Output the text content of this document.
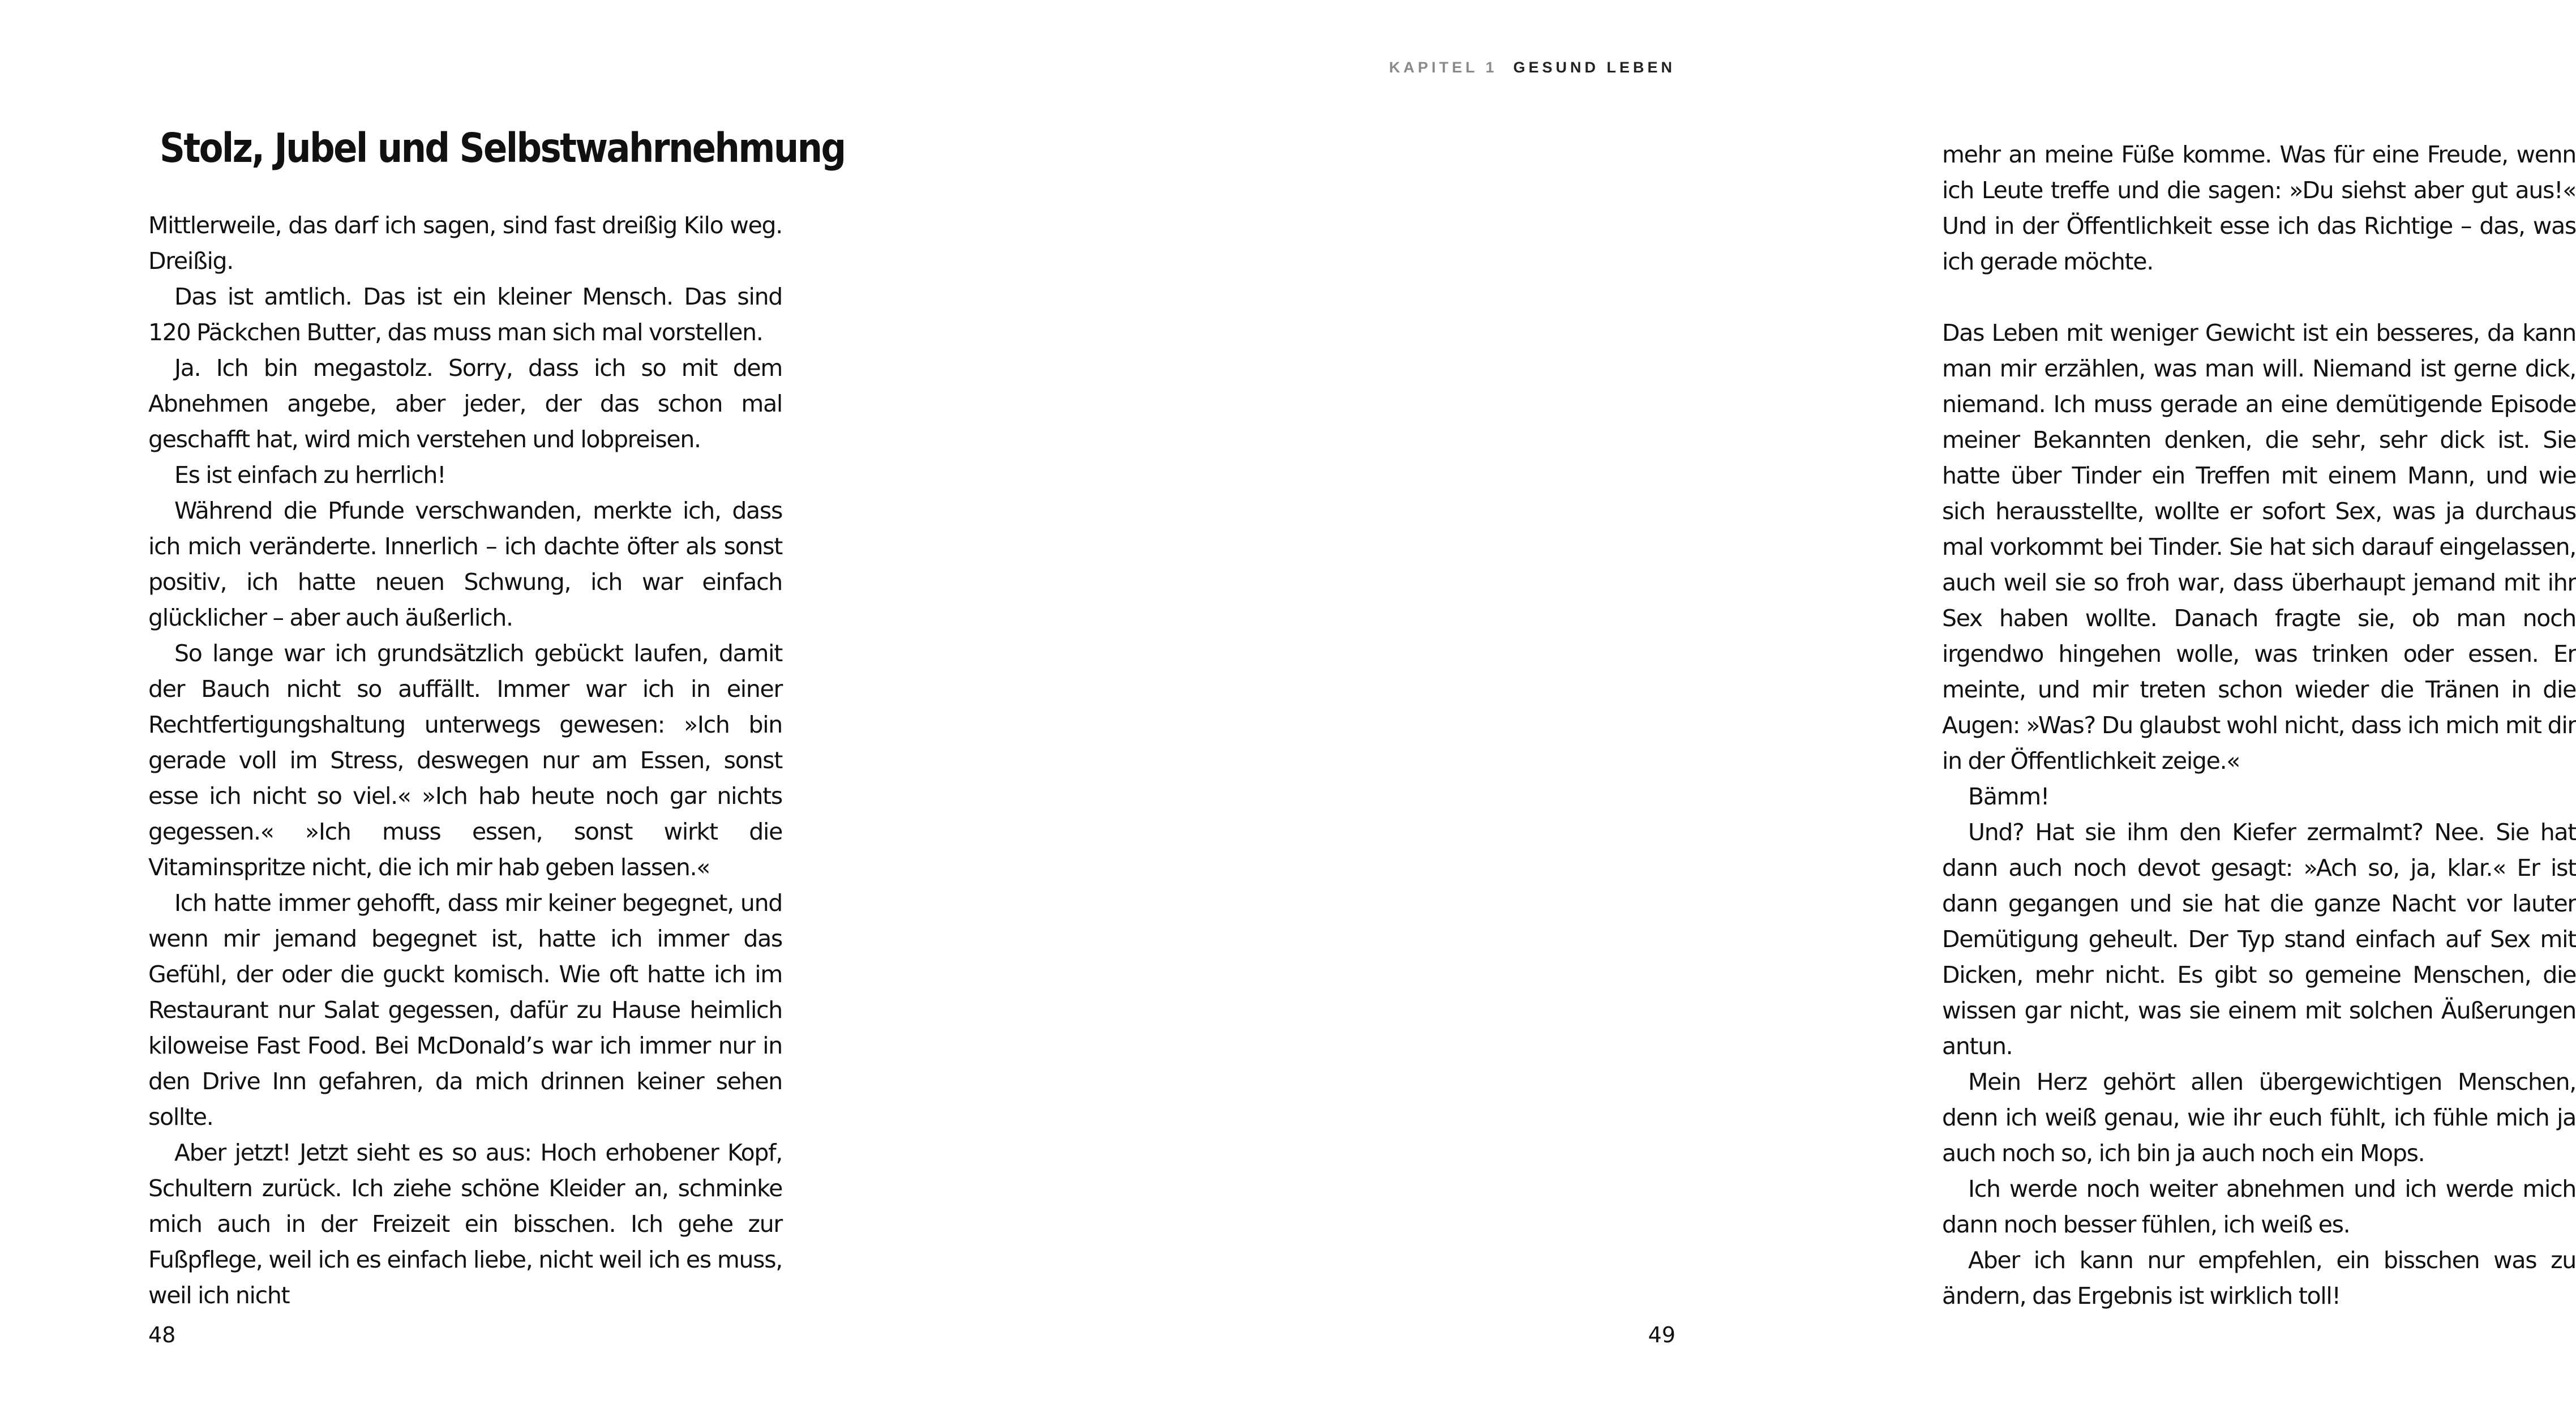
Stolz, Jubel und Selbstwahrnehmung

Mittlerweile, das darf ich sagen, sind fast dreißig Kilo weg. Dreißig.

Das ist amtlich. Das ist ein kleiner Mensch. Das sind 120 Päckchen Butter, das muss man sich mal vorstellen.

Ja. Ich bin megastolz. Sorry, dass ich so mit dem Abnehmen angebe, aber jeder, der das schon mal geschafft hat, wird mich verstehen und lobpreisen.

Es ist einfach zu herrlich!

Während die Pfunde verschwanden, merkte ich, dass ich mich veränderte. Innerlich – ich dachte öfter als sonst positiv, ich hatte neuen Schwung, ich war einfach glücklicher – aber auch äußerlich.

So lange war ich grundsätzlich gebückt laufen, damit der Bauch nicht so auffällt. Immer war ich in einer Rechtfertigungshaltung unterwegs gewesen: »Ich bin gerade voll im Stress, deswegen nur am Essen, sonst esse ich nicht so viel.« »Ich hab heute noch gar nichts gegessen.« »Ich muss essen, sonst wirkt die Vitaminspritze nicht, die ich mir hab geben lassen.«

Ich hatte immer gehofft, dass mir keiner begegnet, und wenn mir jemand begegnet ist, hatte ich immer das Gefühl, der oder die guckt komisch. Wie oft hatte ich im Restaurant nur Salat gegessen, dafür zu Hause heimlich kiloweise Fast Food. Bei McDonald’s war ich immer nur in den Drive Inn gefahren, da mich drinnen keiner sehen sollte.

Aber jetzt! Jetzt sieht es so aus: Hoch erhobener Kopf, Schultern zurück. Ich ziehe schöne Kleider an, schminke mich auch in der Freizeit ein bisschen. Ich gehe zur Fußpflege, weil ich es einfach liebe, nicht weil ich es muss, weil ich nicht

48
KAPITEL 1 GESUND LEBEN

mehr an meine Füße komme. Was für eine Freude, wenn ich Leute treffe und die sagen: »Du siehst aber gut aus!« Und in der Öffentlichkeit esse ich das Richtige – das, was ich gerade möchte.

Das Leben mit weniger Gewicht ist ein besseres, da kann man mir erzählen, was man will. Niemand ist gerne dick, niemand. Ich muss gerade an eine demütigende Episode meiner Bekannten denken, die sehr, sehr dick ist. Sie hatte über Tinder ein Treffen mit einem Mann, und wie sich herausstellte, wollte er sofort Sex, was ja durchaus mal vorkommt bei Tinder. Sie hat sich darauf eingelassen, auch weil sie so froh war, dass überhaupt jemand mit ihr Sex haben wollte. Danach fragte sie, ob man noch irgendwo hingehen wolle, was trinken oder essen. Er meinte, und mir treten schon wieder die Tränen in die Augen: »Was? Du glaubst wohl nicht, dass ich mich mit dir in der Öffentlichkeit zeige.«

Bämm!

Und? Hat sie ihm den Kiefer zermalmt? Nee. Sie hat dann auch noch devot gesagt: »Ach so, ja, klar.« Er ist dann gegangen und sie hat die ganze Nacht vor lauter Demütigung geheult. Der Typ stand einfach auf Sex mit Dicken, mehr nicht. Es gibt so gemeine Menschen, die wissen gar nicht, was sie einem mit solchen Äußerungen antun.

Mein Herz gehört allen übergewichtigen Menschen, denn ich weiß genau, wie ihr euch fühlt, ich fühle mich ja auch noch so, ich bin ja auch noch ein Mops.

Ich werde noch weiter abnehmen und ich werde mich dann noch besser fühlen, ich weiß es.

Aber ich kann nur empfehlen, ein bisschen was zu ändern, das Ergebnis ist wirklich toll!

49
